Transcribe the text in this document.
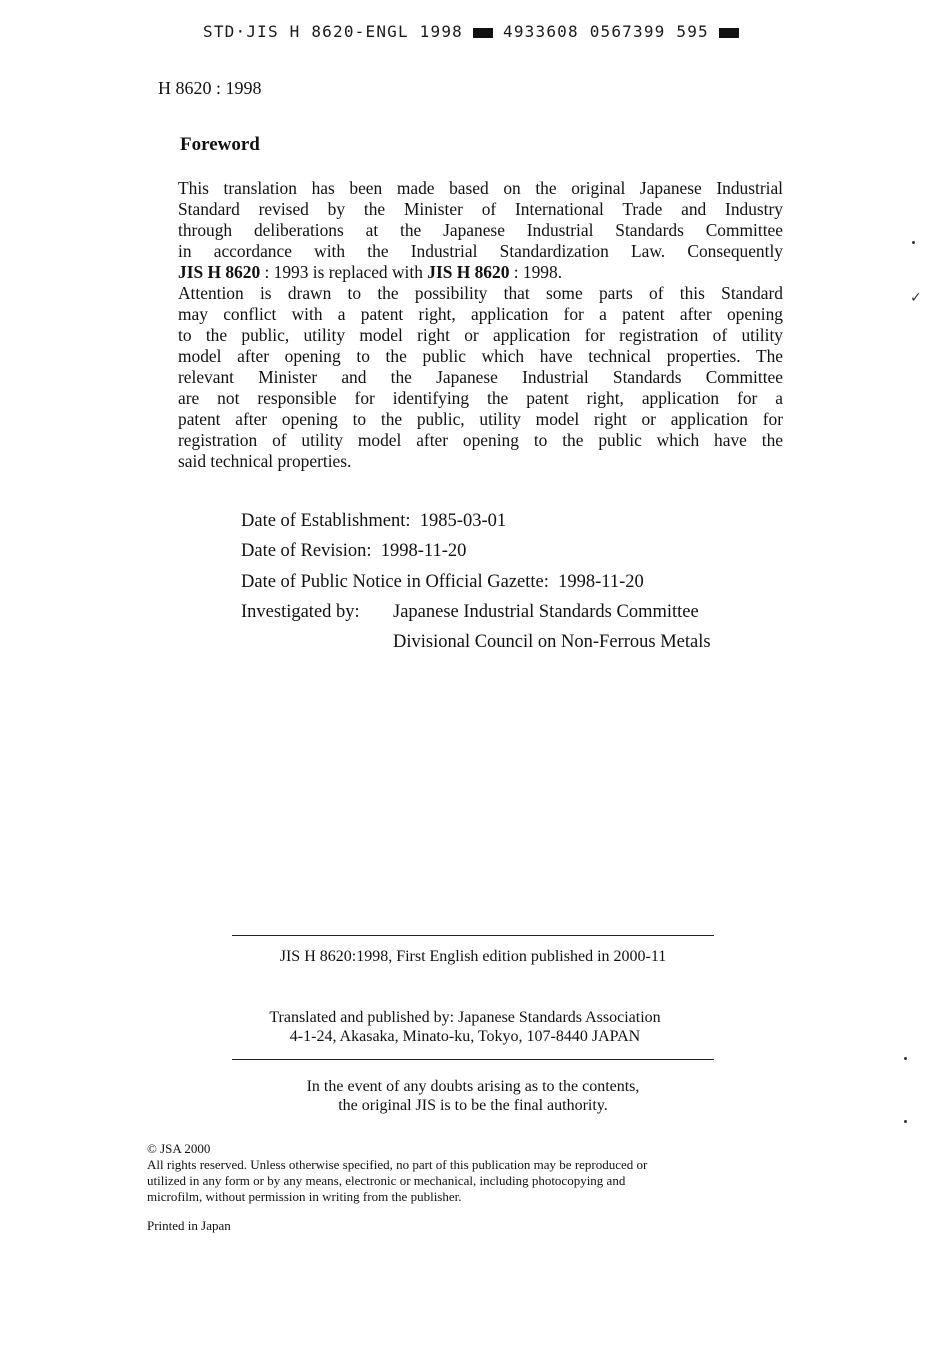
STD·JIS H 8620-ENGL 1998	4933608 0567399 595
H 8620 : 1998
Foreword
This translation has been made based on the original Japanese Industrial
Standard revised by the Minister of International Trade and Industry
through deliberations at the Japanese Industrial Standards Committee
in accordance with the Industrial Standardization Law. Consequently
JIS H 8620 : 1993 is replaced with JIS H 8620 : 1998.
Attention is drawn to the possibility that some parts of this Standard
may conflict with a patent right, application for a patent after opening
to the public, utility model right or application for registration of utility
model after opening to the public which have technical properties. The
relevant Minister and the Japanese Industrial Standards Committee
are not responsible for identifying the patent right, application for a
patent after opening to the public, utility model right or application for
registration of utility model after opening to the public which have the
said technical properties.
Date of Establishment: 1985-03-01
Date of Revision: 1998-11-20
Date of Public Notice in Official Gazette: 1998-11-20
Investigated by: Japanese Industrial Standards Committee
Divisional Council on Non-Ferrous Metals
JIS H 8620:1998, First English edition published in 2000-11
Translated and published by: Japanese Standards Association
4-1-24, Akasaka, Minato-ku, Tokyo, 107-8440 JAPAN
In the event of any doubts arising as to the contents,
the original JIS is to be the final authority.
© JSA 2000
All rights reserved. Unless otherwise specified, no part of this publication may be reproduced or
utilized in any form or by any means, electronic or mechanical, including photocopying and
microfilm, without permission in writing from the publisher.
Printed in Japan
✓
